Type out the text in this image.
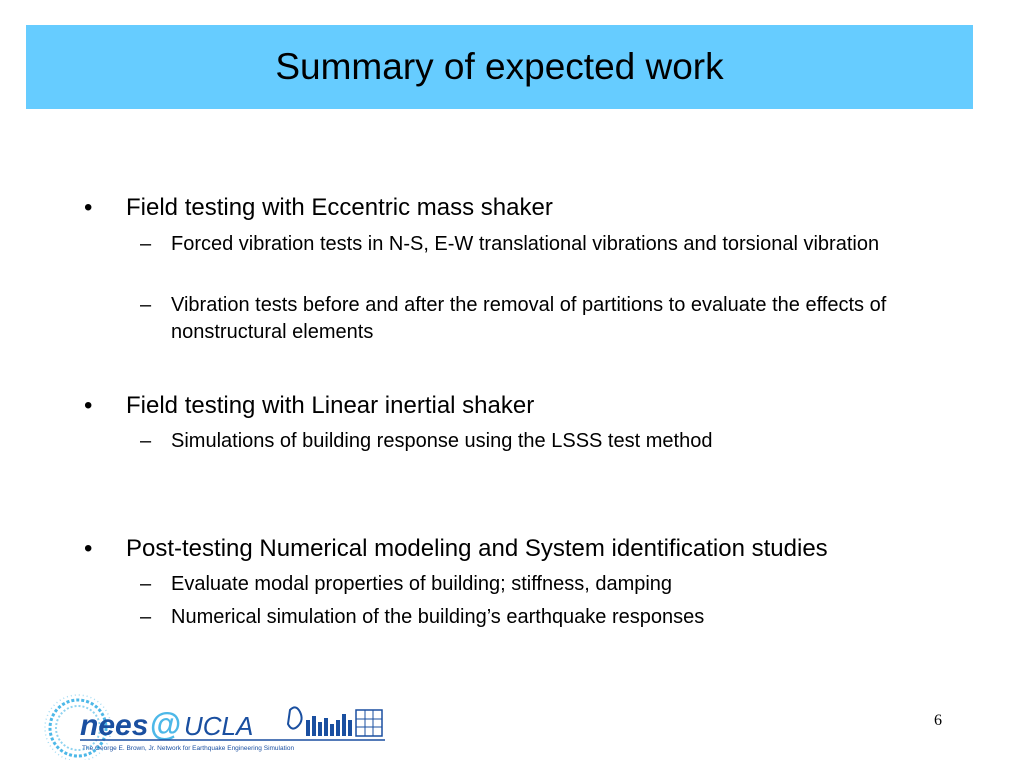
Summary of expected work
• Field testing with Eccentric mass shaker
– Forced vibration tests in N-S, E-W translational vibrations and torsional vibration
– Vibration tests before and after the removal of partitions to evaluate the effects of nonstructural elements
• Field testing with Linear inertial shaker
– Simulations of building response using the LSSS test method
• Post-testing Numerical modeling and System identification studies
– Evaluate modal properties of building; stiffness, damping
– Numerical simulation of the building’s earthquake responses
nees @ UCLA
The George E. Brown, Jr. Network for Earthquake Engineering Simulation
6
